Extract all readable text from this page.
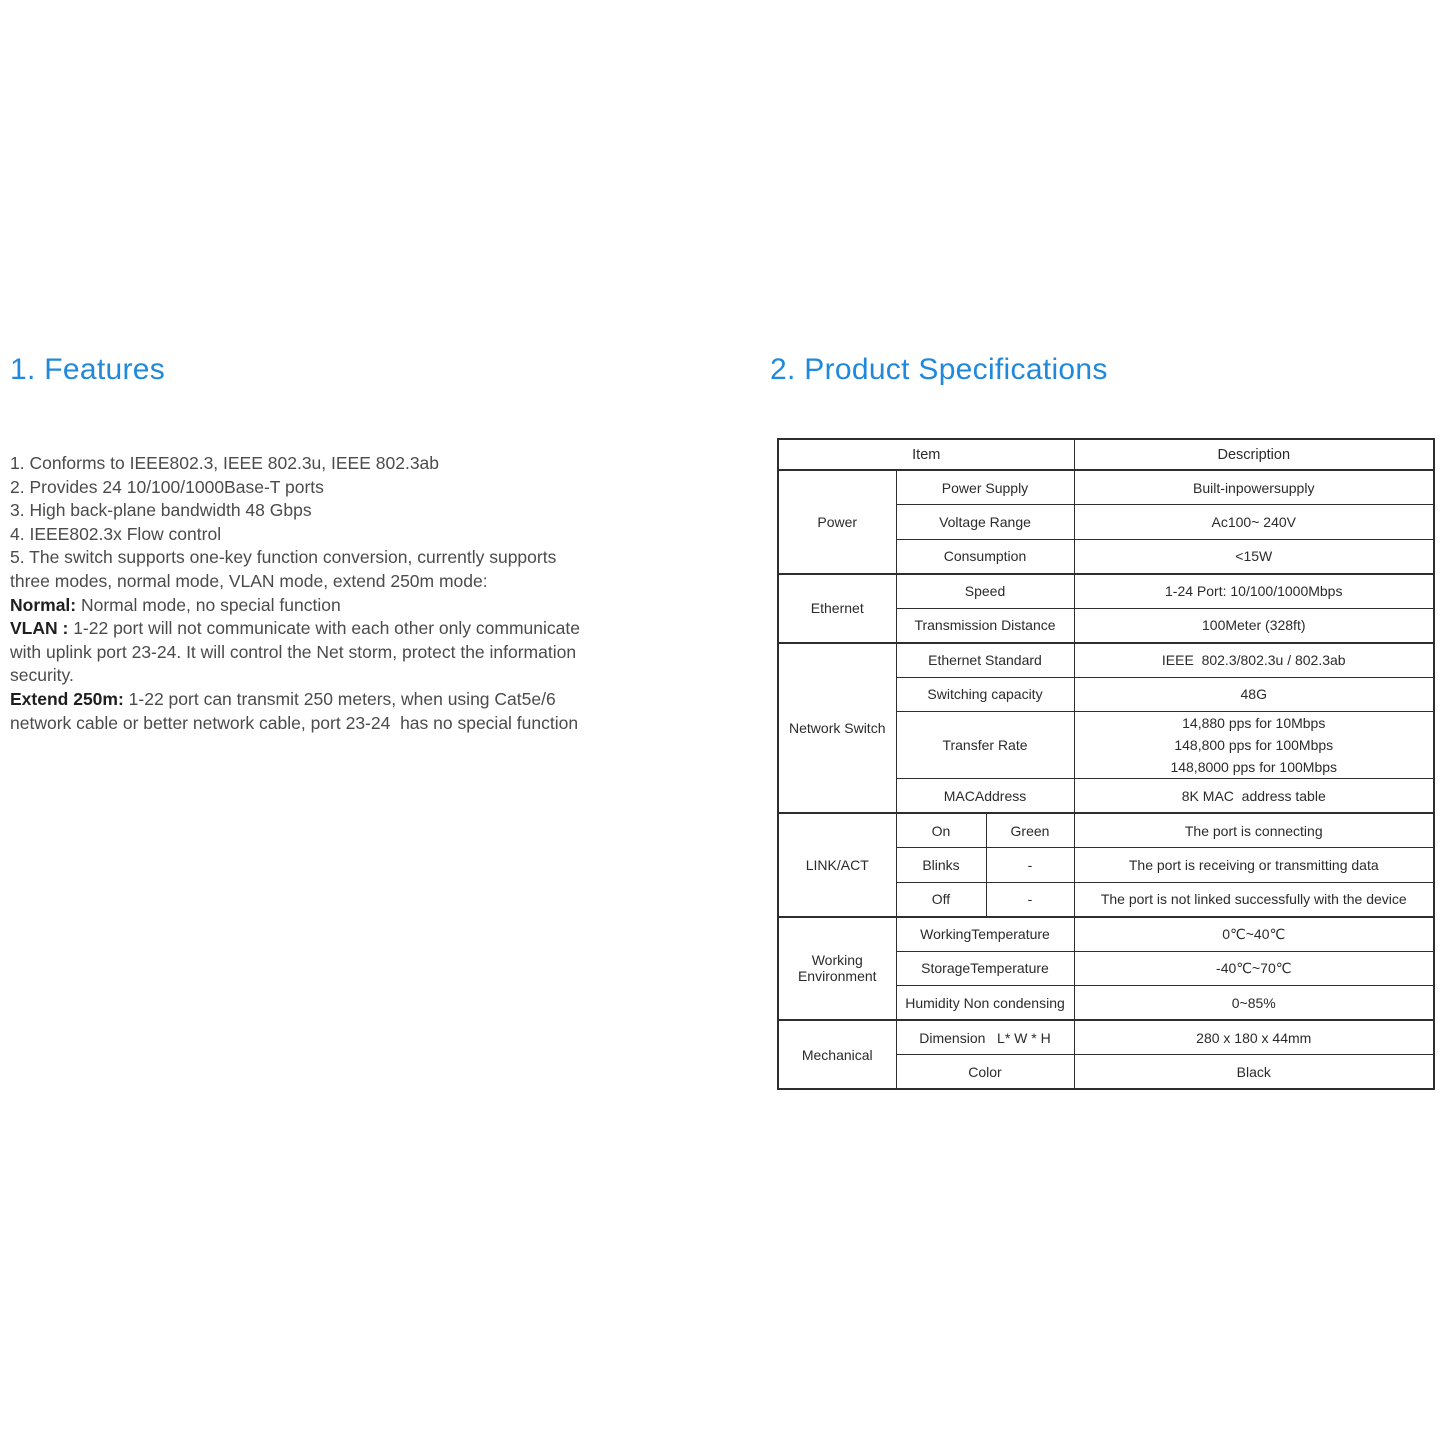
1. Features
1. Conforms to IEEE802.3, IEEE 802.3u, IEEE 802.3ab
2. Provides 24 10/100/1000Base-T ports
3. High back-plane bandwidth 48 Gbps
4. IEEE802.3x Flow control
5. The switch supports one-key function conversion, currently supports
three modes, normal mode, VLAN mode, extend 250m mode:
Normal: Normal mode, no special function
VLAN : 1-22 port will not communicate with each other only communicate
with uplink port 23-24. It will control the Net storm, protect the information
security.
Extend 250m: 1-22 port can transmit 250 meters, when using Cat5e/6
network cable or better network cable, port 23-24  has no special function
2. Product Specifications
Item			Description
Power	Power Supply		Built-inpowersupply
	Voltage Range		Ac100~ 240V
	Consumption		<15W
Ethernet	Speed		1-24 Port: 10/100/1000Mbps
	Transmission Distance		100Meter (328ft)
Network Switch	Ethernet Standard		IEEE  802.3/802.3u / 802.3ab
	Switching capacity		48G
	Transfer Rate		14,880 pps for 10Mbps
148,800 pps for 100Mbps
148,8000 pps for 100Mbps

	MACAddress		8K MAC  address table
LINK/ACT	On	Green	The port is connecting
	Blinks	-	The port is receiving or transmitting data
	Off	-	The port is not linked successfully with the device
Working Environment	WorkingTemperature		0℃~40℃
	StorageTemperature		-40℃~70℃
	Humidity Non condensing		0~85%
Mechanical	Dimension   L* W * H		280 x 180 x 44mm
	Color		Black
